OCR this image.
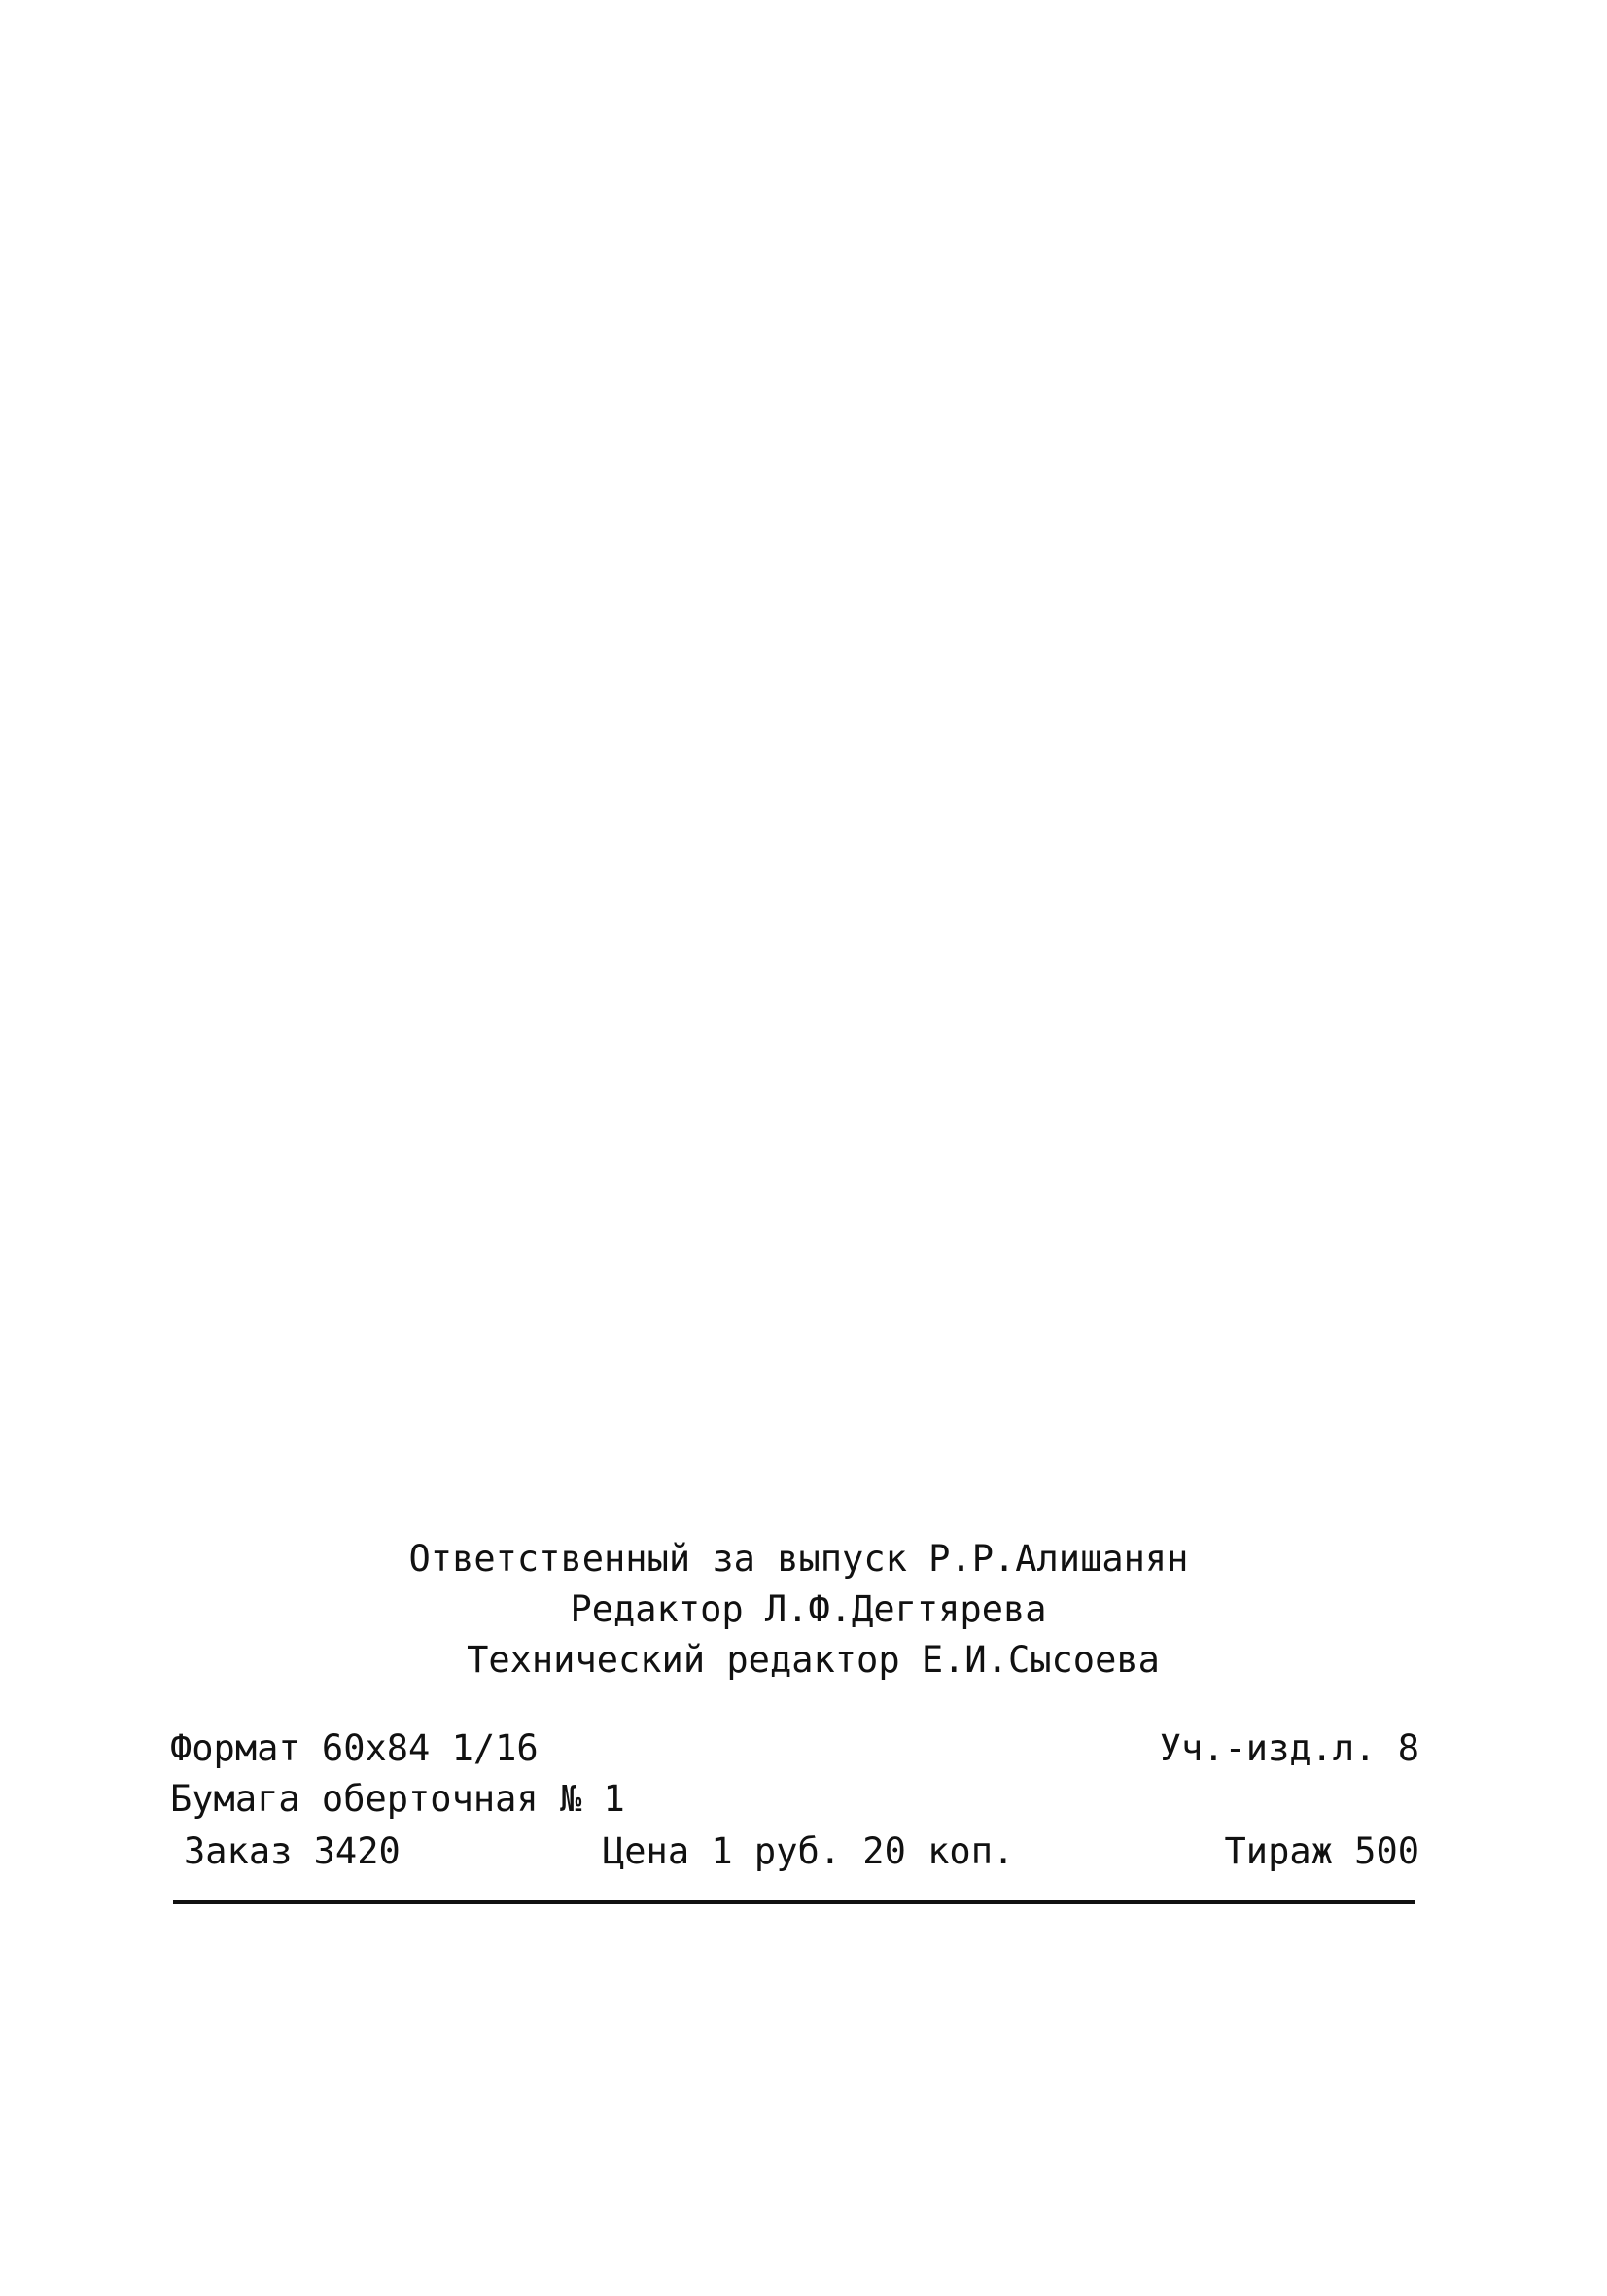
Ответственный за выпуск Р.Р.Алишанян
Редактор Л.Ф.Дегтярева
Технический редактор Е.И.Сысоева
Формат 60х84 1/16	Уч.-изд.л. 8
Бумага оберточная № 1
Заказ 3420	Цена 1 руб. 20 коп.	Тираж 500
